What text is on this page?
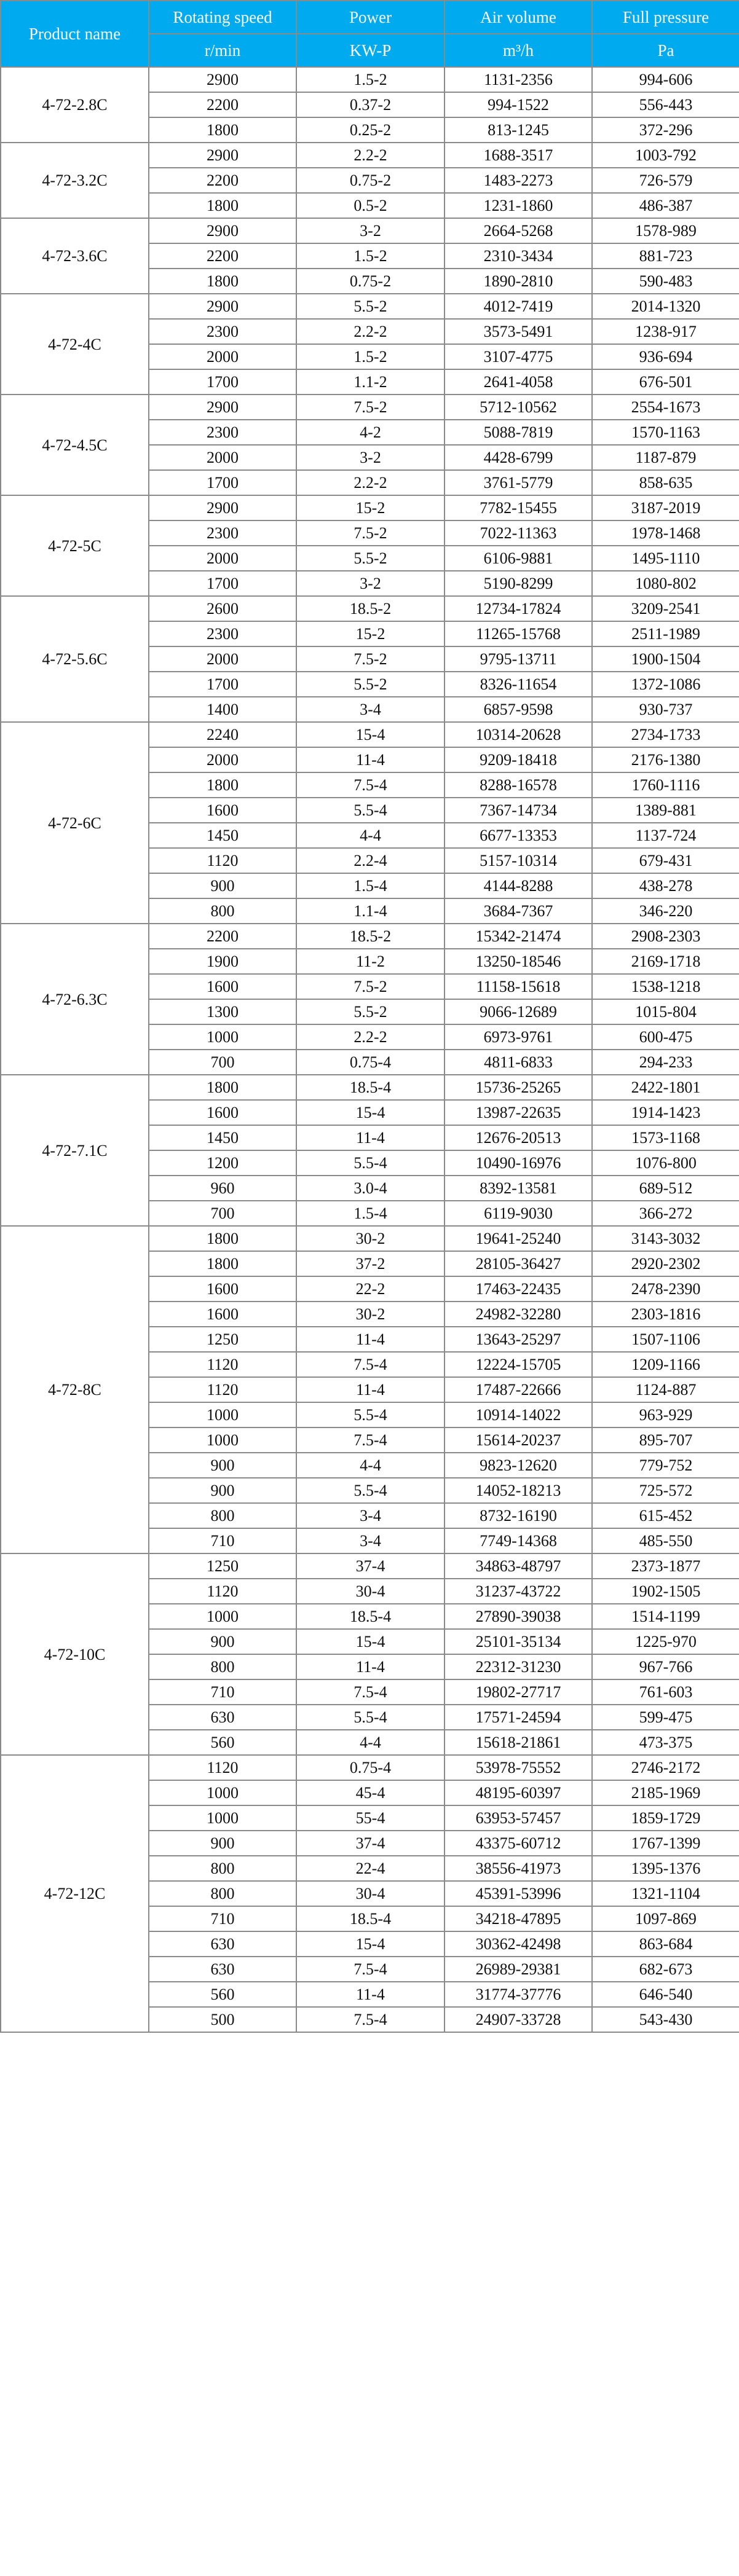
Product name	Rotating speed	Power	Air volume	Full pressure
	r/min	KW-P	m³/h	Pa
4-72-2.8C	2900	1.5-2	1131-2356	994-606
	2200	0.37-2	994-1522	556-443
	1800	0.25-2	813-1245	372-296
4-72-3.2C	2900	2.2-2	1688-3517	1003-792
	2200	0.75-2	1483-2273	726-579
	1800	0.5-2	1231-1860	486-387
4-72-3.6C	2900	3-2	2664-5268	1578-989
	2200	1.5-2	2310-3434	881-723
	1800	0.75-2	1890-2810	590-483
4-72-4C	2900	5.5-2	4012-7419	2014-1320
	2300	2.2-2	3573-5491	1238-917
	2000	1.5-2	3107-4775	936-694
	1700	1.1-2	2641-4058	676-501
4-72-4.5C	2900	7.5-2	5712-10562	2554-1673
	2300	4-2	5088-7819	1570-1163
	2000	3-2	4428-6799	1187-879
	1700	2.2-2	3761-5779	858-635
4-72-5C	2900	15-2	7782-15455	3187-2019
	2300	7.5-2	7022-11363	1978-1468
	2000	5.5-2	6106-9881	1495-1110
	1700	3-2	5190-8299	1080-802
4-72-5.6C	2600	18.5-2	12734-17824	3209-2541
	2300	15-2	11265-15768	2511-1989
	2000	7.5-2	9795-13711	1900-1504
	1700	5.5-2	8326-11654	1372-1086
	1400	3-4	6857-9598	930-737
4-72-6C	2240	15-4	10314-20628	2734-1733
	2000	11-4	9209-18418	2176-1380
	1800	7.5-4	8288-16578	1760-1116
	1600	5.5-4	7367-14734	1389-881
	1450	4-4	6677-13353	1137-724
	1120	2.2-4	5157-10314	679-431
	900	1.5-4	4144-8288	438-278
	800	1.1-4	3684-7367	346-220
4-72-6.3C	2200	18.5-2	15342-21474	2908-2303
	1900	11-2	13250-18546	2169-1718
	1600	7.5-2	11158-15618	1538-1218
	1300	5.5-2	9066-12689	1015-804
	1000	2.2-2	6973-9761	600-475
	700	0.75-4	4811-6833	294-233
4-72-7.1C	1800	18.5-4	15736-25265	2422-1801
	1600	15-4	13987-22635	1914-1423
	1450	11-4	12676-20513	1573-1168
	1200	5.5-4	10490-16976	1076-800
	960	3.0-4	8392-13581	689-512
	700	1.5-4	6119-9030	366-272
4-72-8C	1800	30-2	19641-25240	3143-3032
	1800	37-2	28105-36427	2920-2302
	1600	22-2	17463-22435	2478-2390
	1600	30-2	24982-32280	2303-1816
	1250	11-4	13643-25297	1507-1106
	1120	7.5-4	12224-15705	1209-1166
	1120	11-4	17487-22666	1124-887
	1000	5.5-4	10914-14022	963-929
	1000	7.5-4	15614-20237	895-707
	900	4-4	9823-12620	779-752
	900	5.5-4	14052-18213	725-572
	800	3-4	8732-16190	615-452
	710	3-4	7749-14368	485-550
4-72-10C	1250	37-4	34863-48797	2373-1877
	1120	30-4	31237-43722	1902-1505
	1000	18.5-4	27890-39038	1514-1199
	900	15-4	25101-35134	1225-970
	800	11-4	22312-31230	967-766
	710	7.5-4	19802-27717	761-603
	630	5.5-4	17571-24594	599-475
	560	4-4	15618-21861	473-375
4-72-12C	1120	0.75-4	53978-75552	2746-2172
	1000	45-4	48195-60397	2185-1969
	1000	55-4	63953-57457	1859-1729
	900	37-4	43375-60712	1767-1399
	800	22-4	38556-41973	1395-1376
	800	30-4	45391-53996	1321-1104
	710	18.5-4	34218-47895	1097-869
	630	15-4	30362-42498	863-684
	630	7.5-4	26989-29381	682-673
	560	11-4	31774-37776	646-540
	500	7.5-4	24907-33728	543-430
